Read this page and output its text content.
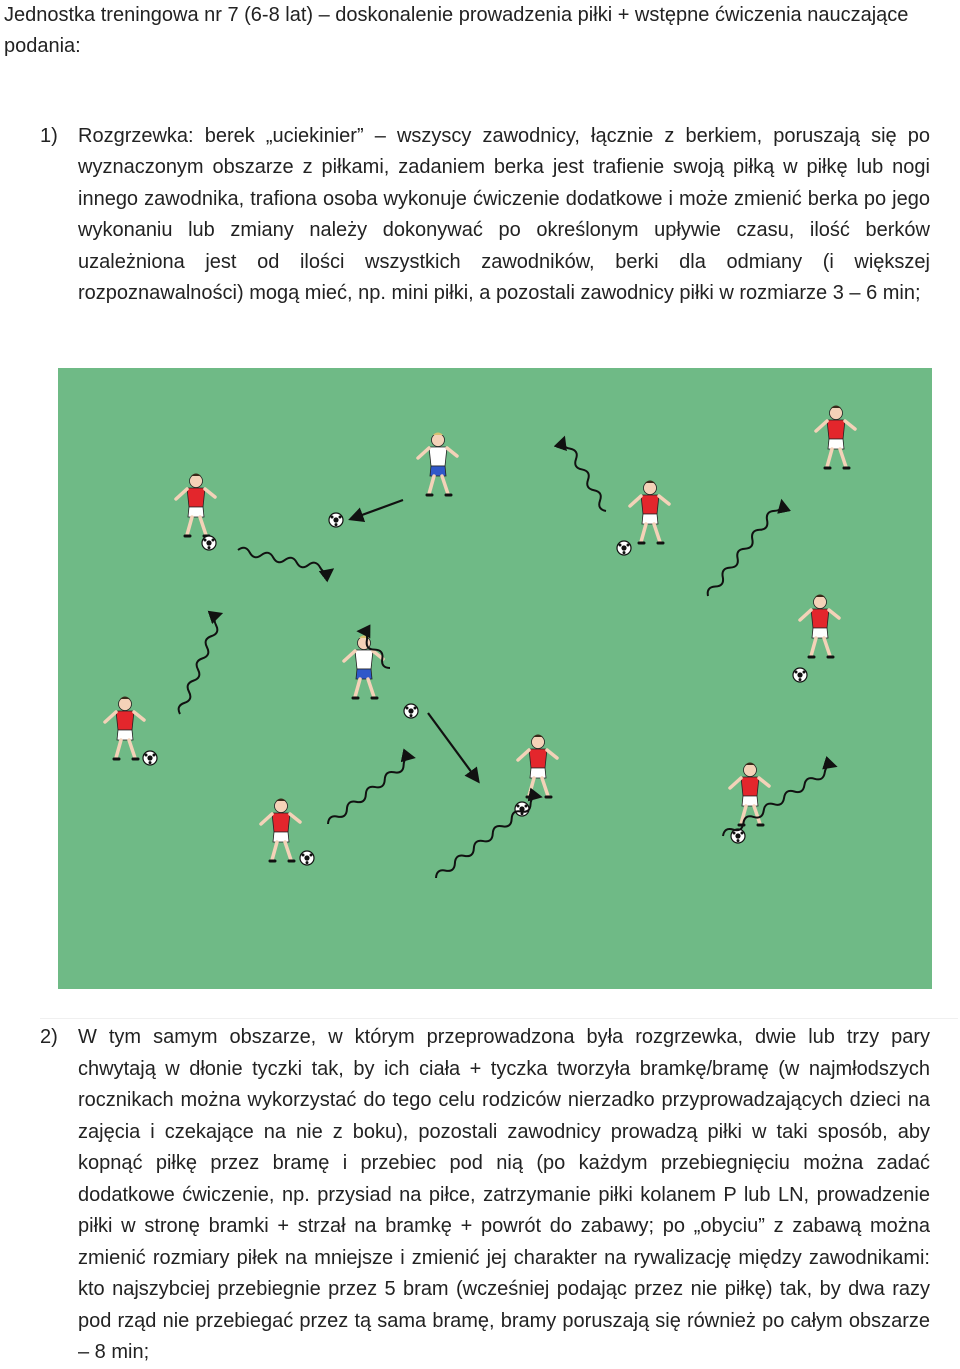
Jednostka treningowa nr 7 (6-8 lat) – doskonalenie prowadzenia piłki + wstępne ćwiczenia nauczające podania:
1) Rozgrzewka: berek „uciekinier” – wszyscy zawodnicy, łącznie z berkiem, poruszają się po wyznaczonym obszarze z piłkami, zadaniem berka jest trafienie swoją piłką w piłkę lub nogi innego zawodnika, trafiona osoba wykonuje ćwiczenie dodatkowe i może zmienić berka po jego wykonaniu lub zmiany należy dokonywać po określonym upływie czasu, ilość berków uzależniona jest od ilości wszystkich zawodników, berki dla odmiany (i większej rozpoznawalności) mogą mieć, np. mini piłki, a pozostali zawodnicy piłki w rozmiarze 3 – 6 min;
2) W tym samym obszarze, w którym przeprowadzona była rozgrzewka, dwie lub trzy pary chwytają w dłonie tyczki tak, by ich ciała + tyczka tworzyła bramkę/bramę (w najmłodszych rocznikach można wykorzystać do tego celu rodziców nierzadko przyprowadzających dzieci na zajęcia i czekające na nie z boku), pozostali zawodnicy prowadzą piłki w taki sposób, aby kopnąć piłkę przez bramę i przebiec pod nią (po każdym przebiegnięciu można zadać dodatkowe ćwiczenie, np. przysiad na piłce, zatrzymanie piłki kolanem P lub LN, prowadzenie piłki w stronę bramki + strzał na bramkę + powrót do zabawy; po „obyciu” z zabawą można zmienić rozmiary piłek na mniejsze i zmienić jej charakter na rywalizację między zawodnikami: kto najszybciej przebiegnie przez 5 bram (wcześniej podając przez nie piłkę) tak, by dwa razy pod rząd nie przebiegać przez tą sama bramę, bramy poruszają się również po całym obszarze – 8 min;
